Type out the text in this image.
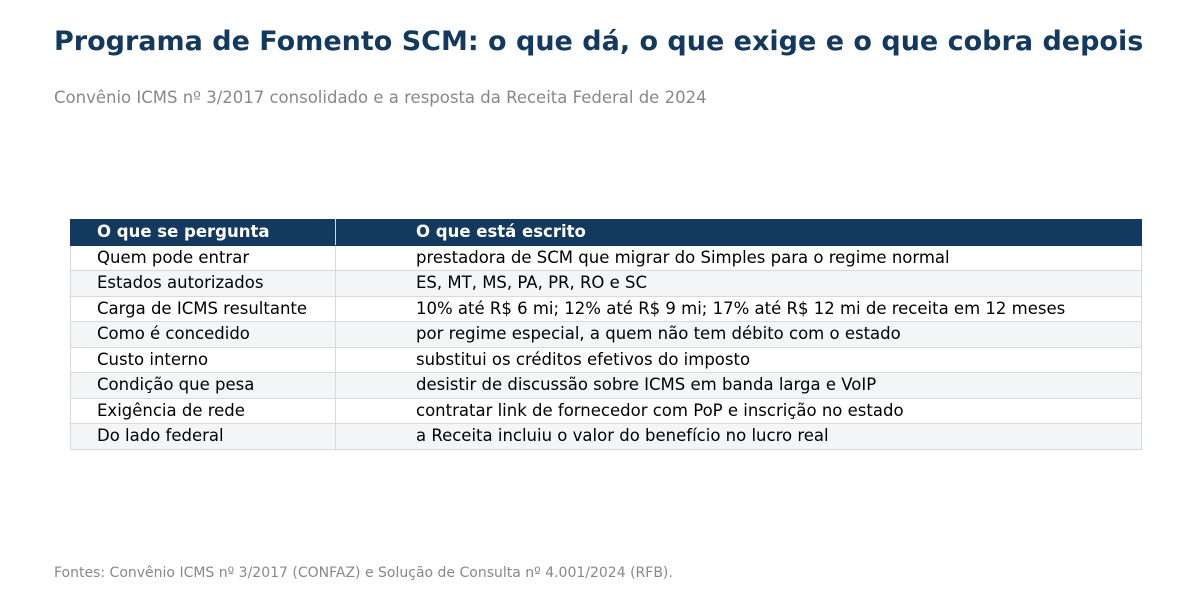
Programa de Fomento SCM: o que dá, o que exige e o que cobra depois

Convênio ICMS nº 3/2017 consolidado e a resposta da Receita Federal de 2024

O que se pergunta	O que está escrito
Quem pode entrar	prestadora de SCM que migrar do Simples para o regime normal
Estados autorizados	ES, MT, MS, PA, PR, RO e SC
Carga de ICMS resultante	10% até R$ 6 mi; 12% até R$ 9 mi; 17% até R$ 12 mi de receita em 12 meses
Como é concedido	por regime especial, a quem não tem débito com o estado
Custo interno	substitui os créditos efetivos do imposto
Condição que pesa	desistir de discussão sobre ICMS em banda larga e VoIP
Exigência de rede	contratar link de fornecedor com PoP e inscrição no estado
Do lado federal	a Receita incluiu o valor do benefício no lucro real

Fontes: Convênio ICMS nº 3/2017 (CONFAZ) e Solução de Consulta nº 4.001/2024 (RFB).
